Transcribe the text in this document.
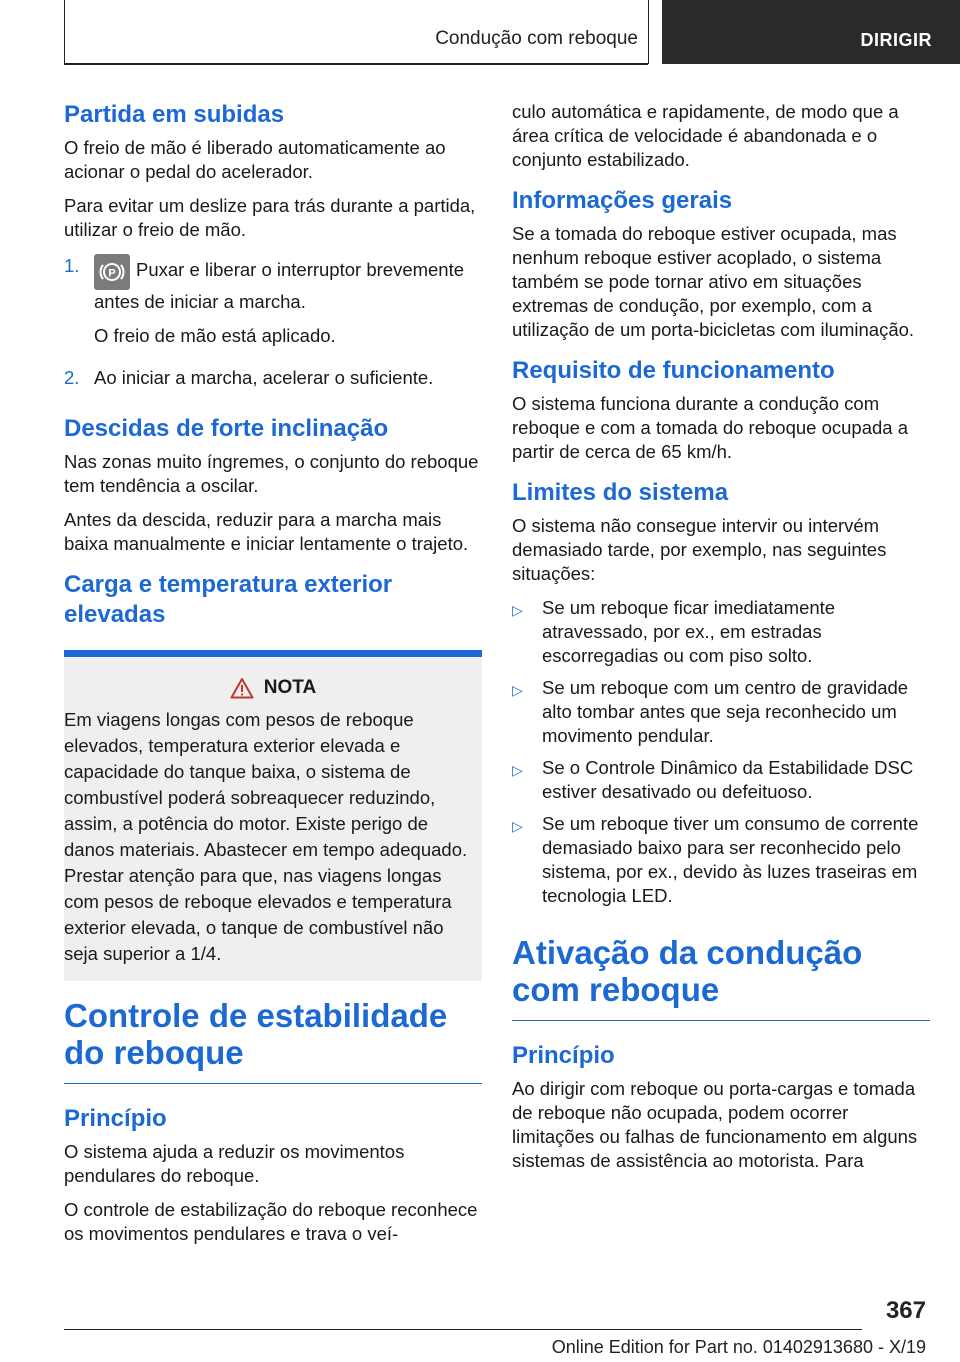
Condução com reboque	DIRIGIR
Partida em subidas

O freio de mão é liberado automaticamente ao acionar o pedal do acelerador.

Para evitar um deslize para trás durante a partida, utilizar o freio de mão.

1.	P Puxar e liberar o interruptor brevemente antes de iniciar a marcha.

O freio de mão está aplicado.

2. Ao iniciar a marcha, acelerar o suficiente.

Descidas de forte inclinação

Nas zonas muito íngremes, o conjunto do reboque tem tendência a oscilar.

Antes da descida, reduzir para a marcha mais baixa manualmente e iniciar lentamente o trajeto.

Carga e temperatura exterior elevadas
NOTA

Em viagens longas com pesos de reboque elevados, temperatura exterior elevada e capacidade do tanque baixa, o sistema de combustível poderá sobreaquecer reduzindo, assim, a potência do motor. Existe perigo de danos materiais. Abastecer em tempo adequado. Prestar atenção para que, nas viagens longas com pesos de reboque elevados e temperatura exterior elevada, o tanque de combustível não seja superior a 1/4.

Controle de estabilidade do reboque
Princípio

O sistema ajuda a reduzir os movimentos pendulares do reboque.

O controle de estabilização do reboque reconhece os movimentos pendulares e trava o veí-

culo automática e rapidamente, de modo que a área crítica de velocidade é abandonada e o conjunto estabilizado.

Informações gerais

Se a tomada do reboque estiver ocupada, mas nenhum reboque estiver acoplado, o sistema também se pode tornar ativo em situações extremas de condução, por exemplo, com a utilização de um porta-bicicletas com iluminação.

Requisito de funcionamento

O sistema funciona durante a condução com reboque e com a tomada do reboque ocupada a partir de cerca de 65 km/h.

Limites do sistema

O sistema não consegue intervir ou intervém demasiado tarde, por exemplo, nas seguintes situações:

▷	Se um reboque ficar imediatamente atravessado, por ex., em estradas escorregadias ou com piso solto.
▷	Se um reboque com um centro de gravidade alto tombar antes que seja reconhecido um movimento pendular.
▷	Se o Controle Dinâmico da Estabilidade DSC estiver desativado ou defeituoso.
▷	Se um reboque tiver um consumo de corrente demasiado baixo para ser reconhecido pelo sistema, por ex., devido às luzes traseiras em tecnologia LED.
Ativação da condução com reboque
Princípio

Ao dirigir com reboque ou porta-cargas e tomada de reboque não ocupada, podem ocorrer limitações ou falhas de funcionamento em alguns sistemas de assistência ao motorista. Para

367
Online Edition for Part no. 01402913680 - X/19
